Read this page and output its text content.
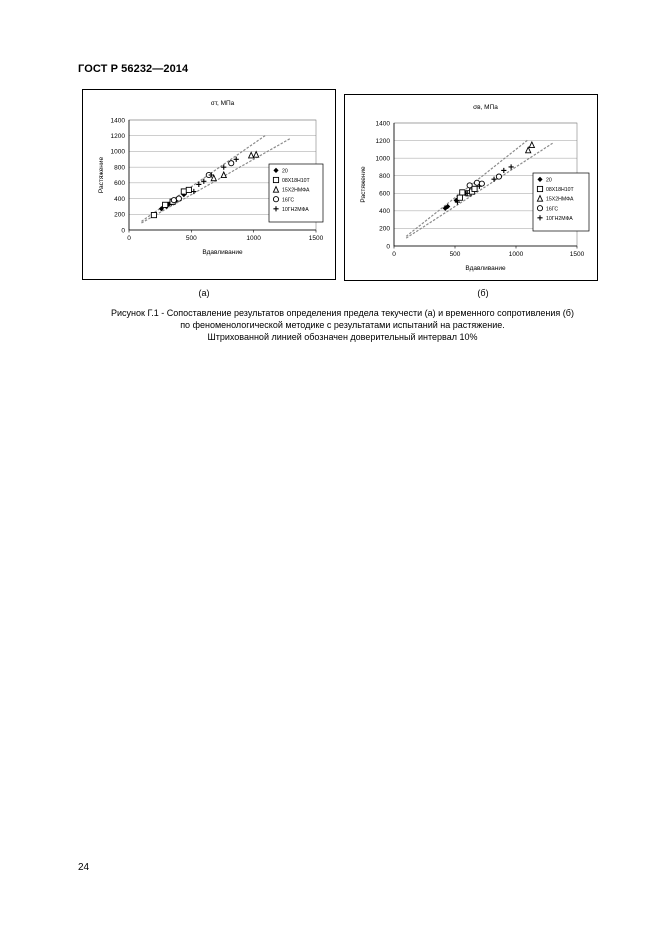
ГОСТ Р 56232—2014
σт, МПа
0
200
400
600
800
1000
1200
1400
0	500	1000	1500
Вдавливание
Растяжение	20
08Х18Н10Т
15Х2НМФА
16ГС
10ГН2МФА
σв, МПа
0
200
400
600
800
1000
1200
1400
0	500	1000	1500
Вдавливание
Растяжение	20
08Х18Н10Т
15Х2НМФА
16ГС
10ГН2МФА
(а)	(б)
Рисунок Г.1 - Сопоставление результатов определения предела текучести (а) и временного сопротивления (б)
по феноменологической методике с результатами испытаний на растяжение.
Штрихованной линией обозначен доверительный интервал 10%
24
